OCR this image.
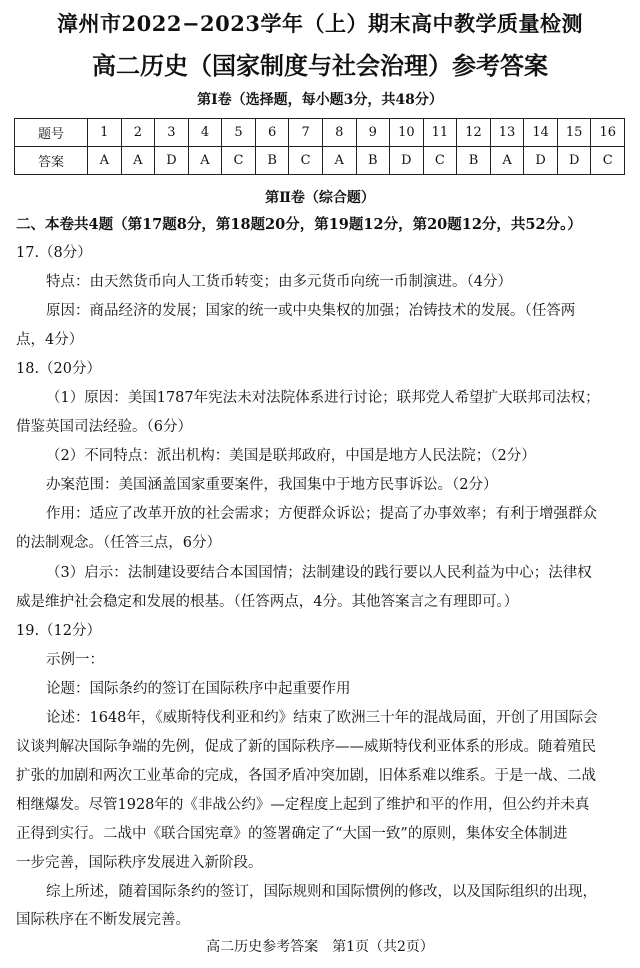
漳州市2022−2023学年（上）期末高中教学质量检测
高二历史（国家制度与社会治理）参考答案
第Ⅰ卷（选择题，每小题3分，共48分）
题号	1	2	3	4	5	6	7	8	9	10	11	12	13	14	15	16
答案	A	A	D	A	C	B	C	A	B	D	C	B	A	D	D	C
第Ⅱ卷（综合题）
二、本卷共4题（第17题8分，第18题20分，第19题12分，第20题12分，共52分。）
17.（8分）
特点：由天然货币向人工货币转变；由多元货币向统一币制演进。（4分）
原因：商品经济的发展；国家的统一或中央集权的加强；冶铸技术的发展。（任答两
点，4分）
18.（20分）
（1）原因：美国1787年宪法未对法院体系进行讨论；联邦党人希望扩大联邦司法权；
借鉴英国司法经验。（6分）
（2）不同特点：派出机构：美国是联邦政府，中国是地方人民法院；（2分）
办案范围：美国涵盖国家重要案件，我国集中于地方民事诉讼。（2分）
作用：适应了改革开放的社会需求；方便群众诉讼；提高了办事效率；有利于增强群众
的法制观念。（任答三点，6分）
（3）启示：法制建设要结合本国国情；法制建设的践行要以人民利益为中心；法律权
威是维护社会稳定和发展的根基。（任答两点，4分。其他答案言之有理即可。）
19.（12分）
示例一：
论题：国际条约的签订在国际秩序中起重要作用
论述：1648年，《威斯特伐利亚和约》结束了欧洲三十年的混战局面，开创了用国际会
议谈判解决国际争端的先例，促成了新的国际秩序——威斯特伐利亚体系的形成。随着殖民
扩张的加剧和两次工业革命的完成，各国矛盾冲突加剧，旧体系难以维系。于是一战、二战
相继爆发。尽管1928年的《非战公约》—定程度上起到了维护和平的作用，但公约并未真
正得到实行。二战中《联合国宪章》的签署确定了“大国一致”的原则，集体安全体制进
一步完善，国际秩序发展进入新阶段。
综上所述，随着国际条约的签订，国际规则和国际惯例的修改，以及国际组织的出现，
国际秩序在不断发展完善。
高二历史参考答案　第1页（共2页）
